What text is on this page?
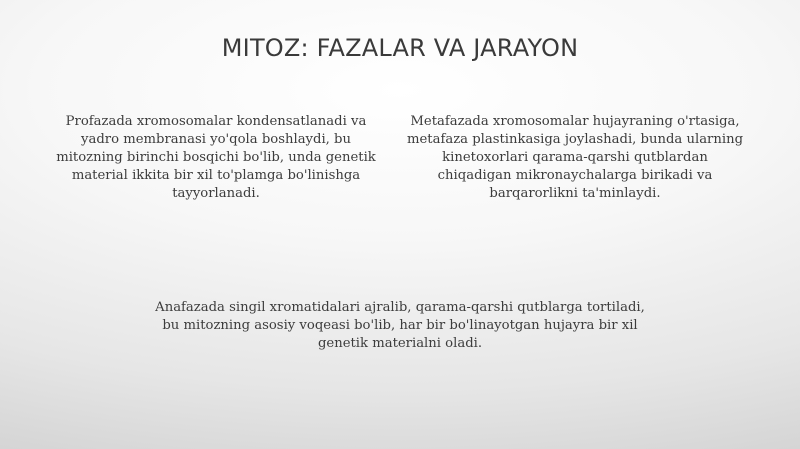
MITOZ: FAZALAR VA JARAYON

Profazada xromosomalar kondensatlanadi va yadro membranasi yo'qola boshlaydi, bu mitozning birinchi bosqichi bo'lib, unda genetik material ikkita bir xil to'plamga bo'linishga tayyorlanadi.

Metafazada xromosomalar hujayraning o'rtasiga, metafaza plastinkasiga joylashadi, bunda ularning kinetoxorlari qarama-qarshi qutblardan chiqadigan mikronaychalarga birikadi va barqarorlikni ta'minlaydi.

Anafazada singil xromatidalari ajralib, qarama-qarshi qutblarga tortiladi, bu mitozning asosiy voqeasi bo'lib, har bir bo'linayotgan hujayra bir xil genetik materialni oladi.
